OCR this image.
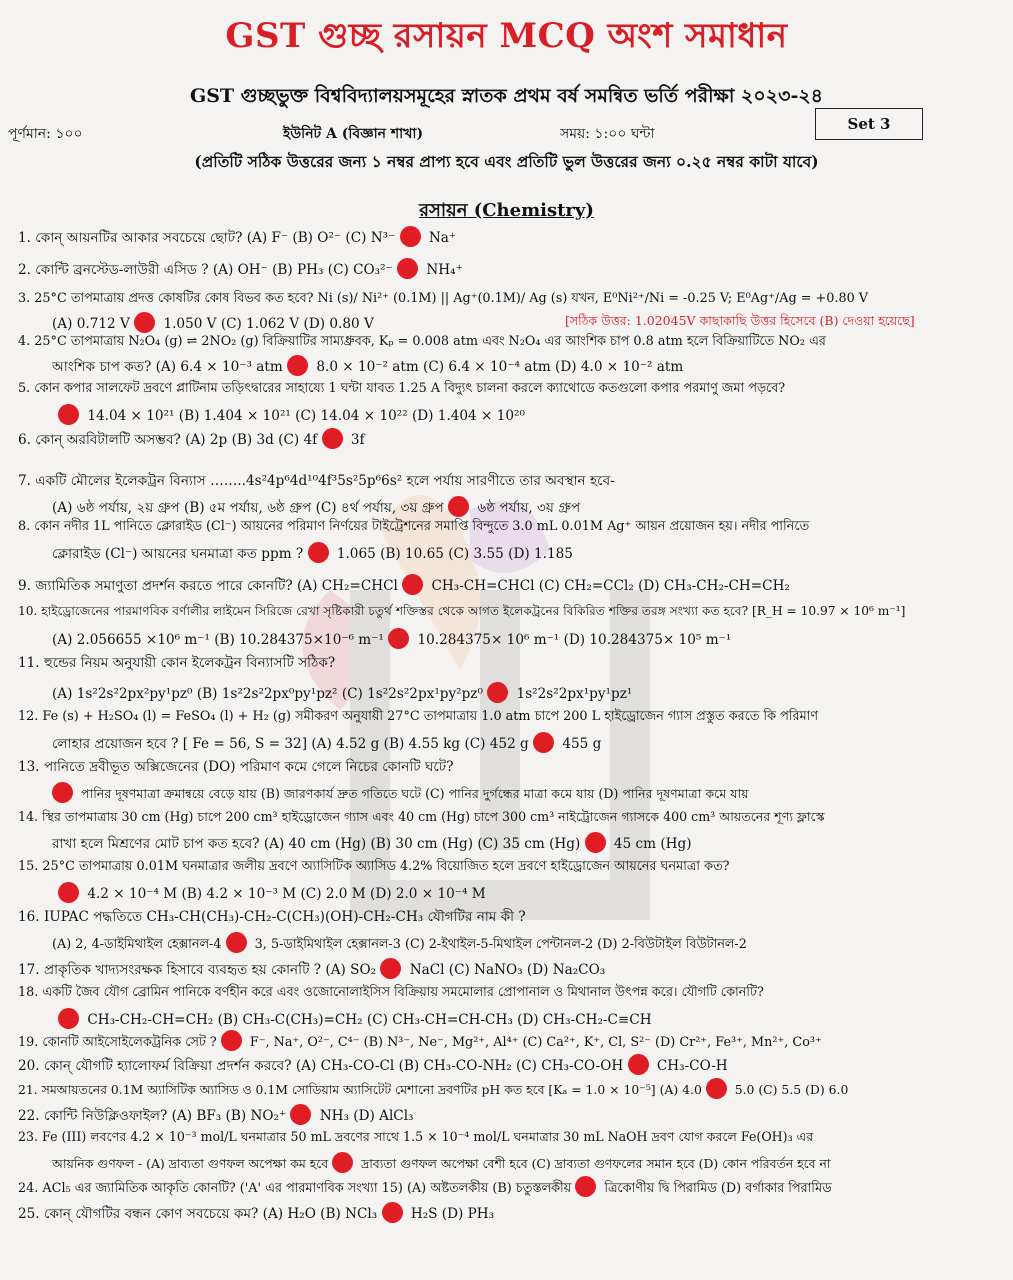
GST গুচ্ছ রসায়ন MCQ অংশ সমাধান
GST গুচ্ছভুক্ত বিশ্ববিদ্যালয়সমূহের স্নাতক প্রথম বর্ষ সমন্বিত ভর্তি পরীক্ষা ২০২৩-২৪
পূর্ণমান: ১০০	ইউনিট A (বিজ্ঞান শাখা)	সময়: ১:০০ ঘন্টা
Set 3
(প্রতিটি সঠিক উত্তরের জন্য ১ নম্বর প্রাপ্য হবে এবং প্রতিটি ভুল উত্তরের জন্য ০.২৫ নম্বর কাটা যাবে)
রসায়ন (Chemistry)
1. কোন্ আয়নটির আকার সবচেয়ে ছোট? (A) F⁻ (B) O²⁻ (C) N³⁻  Na⁺
2. কোন্টি ব্রনস্টেড-লাউরী এসিড ? (A) OH⁻ (B) PH₃ (C) CO₃²⁻  NH₄⁺
3. 25°C তাপমাত্রায় প্রদত্ত কোষটির কোষ বিভব কত হবে? Ni (s)/ Ni²⁺ (0.1M) || Ag⁺(0.1M)/ Ag (s) যখন, E⁰Ni²⁺/Ni = -0.25 V; E⁰Ag⁺/Ag = +0.80 V
(A) 0.712 V  1.050 V (C) 1.062 V (D) 0.80 V	[সঠিক উত্তর: 1.02045V কাছাকাছি উত্তর হিসেবে (B) দেওয়া হয়েছে]
4. 25°C তাপমাত্রায় N₂O₄ (g) ⇌ 2NO₂ (g) বিক্রিয়াটির সাম্যধ্রুবক, Kₚ = 0.008 atm এবং N₂O₄ এর আংশিক চাপ 0.8 atm হলে বিক্রিয়াটিতে NO₂ এর
আংশিক চাপ কত? (A) 6.4 × 10⁻³ atm  8.0 × 10⁻² atm (C) 6.4 × 10⁻⁴ atm (D) 4.0 × 10⁻² atm
5. কোন কপার সালফেট দ্রবণে প্লাটিনাম তড়িৎদ্বারের সাহায্যে 1 ঘন্টা যাবত 1.25 A বিদ্যুৎ চালনা করলে ক্যাথোডে কতগুলো কপার পরমাণু জমা পড়বে?
14.04 × 10²¹ (B) 1.404 × 10²¹ (C) 14.04 × 10²² (D) 1.404 × 10²⁰
6. কোন্ অরবিটালটি অসম্ভব? (A) 2p (B) 3d (C) 4f  3f
7. একটি মৌলের ইলেকট্রন বিন্যাস ……..4s²4p⁶4d¹⁰4f³5s²5p⁶6s² হলে পর্যায় সারণীতে তার অবস্থান হবে-
(A) ৬ষ্ঠ পর্যায়, ২য় গ্রুপ (B) ৫ম পর্যায়, ৬ষ্ঠ গ্রুপ (C) ৪র্থ পর্যায়, ৩য় গ্রুপ  ৬ষ্ঠ পর্যায়, ৩য় গ্রুপ
8. কোন নদীর 1L পানিতে ক্লোরাইড (Cl⁻) আয়নের পরিমাণ নির্ণয়ের টাইট্রেশনের সমাপ্তি বিন্দুতে 3.0 mL 0.01M Ag⁺ আয়ন প্রয়োজন হয়। নদীর পানিতে
ক্লোরাইড (Cl⁻) আয়নের ঘনমাত্রা কত ppm ?  1.065 (B) 10.65 (C) 3.55 (D) 1.185
9. জ্যামিতিক সমাণুতা প্রদর্শন করতে পারে কোনটি? (A) CH₂=CHCl  CH₃-CH=CHCl (C) CH₂=CCl₂ (D) CH₃-CH₂-CH=CH₂
10. হাইড্রোজেনের পারমাণবিক বর্ণালীর লাইমেন সিরিজে রেখা সৃষ্টিকারী চতুর্থ শক্তিস্তর থেকে আগত ইলেকট্রনের বিকিরিত শক্তির তরঙ্গ সংখ্যা কত হবে? [R_H = 10.97 × 10⁶ m⁻¹]
(A) 2.056655 ×10⁶ m⁻¹ (B) 10.284375×10⁻⁶ m⁻¹  10.284375× 10⁶ m⁻¹ (D) 10.284375× 10⁵ m⁻¹
11. হুন্ডের নিয়ম অনুযায়ী কোন ইলেকট্রন বিন্যাসটি সঠিক?
(A) 1s²2s²2px²py¹pz⁰ (B) 1s²2s²2px⁰py¹pz² (C) 1s²2s²2px¹py²pz⁰  1s²2s²2px¹py¹pz¹
12. Fe (s) + H₂SO₄ (l) = FeSO₄ (l) + H₂ (g) সমীকরণ অনুযায়ী 27°C তাপমাত্রায় 1.0 atm চাপে 200 L হাইড্রোজেন গ্যাস প্রস্তুত করতে কি পরিমাণ
লোহার প্রয়োজন হবে ? [ Fe = 56, S = 32] (A) 4.52 g (B) 4.55 kg (C) 452 g  455 g
13. পানিতে দ্রবীভূত অক্সিজেনের (DO) পরিমাণ কমে গেলে নিচের কোনটি ঘটে?
পানির দূষণমাত্রা ক্রমান্বয়ে বেড়ে যায় (B) জারণকার্য দ্রুত গতিতে ঘটে (C) পানির দুর্গন্ধের মাত্রা কমে যায় (D) পানির দূষণমাত্রা কমে যায়
14. স্থির তাপমাত্রায় 30 cm (Hg) চাপে 200 cm³ হাইড্রোজেন গ্যাস এবং 40 cm (Hg) চাপে 300 cm³ নাইট্রোজেন গ্যাসকে 400 cm³ আয়তনের শূণ্য ফ্লাস্কে
রাখা হলে মিশ্রণের মোট চাপ কত হবে? (A) 40 cm (Hg) (B) 30 cm (Hg) (C) 35 cm (Hg)  45 cm (Hg)
15. 25°C তাপমাত্রায় 0.01M ঘনমাত্রার জলীয় দ্রবণে অ্যাসিটিক অ্যাসিড 4.2% বিয়োজিত হলে দ্রবণে হাইড্রোজেন আয়নের ঘনমাত্রা কত?
4.2 × 10⁻⁴ M (B) 4.2 × 10⁻³ M (C) 2.0 M (D) 2.0 × 10⁻⁴ M
16. IUPAC পদ্ধতিতে CH₃-CH(CH₃)-CH₂-C(CH₃)(OH)-CH₂-CH₃ যৌগটির নাম কী ?
(A) 2, 4-ডাইমিথাইল হেক্সানল-4  3, 5-ডাইমিথাইল হেক্সানল-3 (C) 2-ইথাইল-5-মিথাইল পেন্টানল-2 (D) 2-বিউটাইল বিউটানল-2
17. প্রাকৃতিক খাদ্যসংরক্ষক হিসাবে ব্যবহৃত হয় কোনটি ? (A) SO₂  NaCl (C) NaNO₃ (D) Na₂CO₃
18. একটি জৈব যৌগ ব্রোমিন পানিকে বর্ণহীন করে এবং ওজোনোলাইসিস বিক্রিয়ায় সমমোলার প্রোপানাল ও মিথানাল উৎপন্ন করে। যৌগটি কোনটি?
CH₃-CH₂-CH=CH₂ (B) CH₃-C(CH₃)=CH₂ (C) CH₃-CH=CH-CH₃ (D) CH₃-CH₂-C≡CH
19. কোনটি আইসোইলেকট্রনিক সেট ?  F⁻, Na⁺, O²⁻, C⁴⁻ (B) N³⁻, Ne⁻, Mg²⁺, Al⁴⁺ (C) Ca²⁺, K⁺, Cl, S²⁻ (D) Cr²⁺, Fe³⁺, Mn²⁺, Co³⁺
20. কোন্ যৌগটি হ্যালোফর্ম বিক্রিয়া প্রদর্শন করবে? (A) CH₃-CO-Cl (B) CH₃-CO-NH₂ (C) CH₃-CO-OH  CH₃-CO-H
21. সমআয়তনের 0.1M অ্যাসিটিক অ্যাসিড ও 0.1M সোডিয়াম অ্যাসিটেট মেশানো দ্রবণটির pH কত হবে [Kₐ = 1.0 × 10⁻⁵] (A) 4.0  5.0 (C) 5.5 (D) 6.0
22. কোন্টি নিউক্লিওফাইল? (A) BF₃ (B) NO₂⁺  NH₃ (D) AlCl₃
23. Fe (III) লবণের 4.2 × 10⁻³ mol/L ঘনমাত্রার 50 mL দ্রবণের সাথে 1.5 × 10⁻⁴ mol/L ঘনমাত্রার 30 mL NaOH দ্রবণ যোগ করলে Fe(OH)₃ এর
আয়নিক গুণফল - (A) দ্রাব্যতা গুণফল অপেক্ষা কম হবে  দ্রাব্যতা গুণফল অপেক্ষা বেশী হবে (C) দ্রাব্যতা গুণফলের সমান হবে (D) কোন পরিবর্তন হবে না
24. ACl₅ এর জ্যামিতিক আকৃতি কোনটি? ('A' এর পারমাণবিক সংখ্যা 15) (A) অষ্টতলকীয় (B) চতুস্তলকীয়  ত্রিকোণীয় দ্বি পিরামিড (D) বর্গাকার পিরামিড
25. কোন্ যৌগটির বন্ধন কোণ সবচেয়ে কম? (A) H₂O (B) NCl₃  H₂S (D) PH₃
